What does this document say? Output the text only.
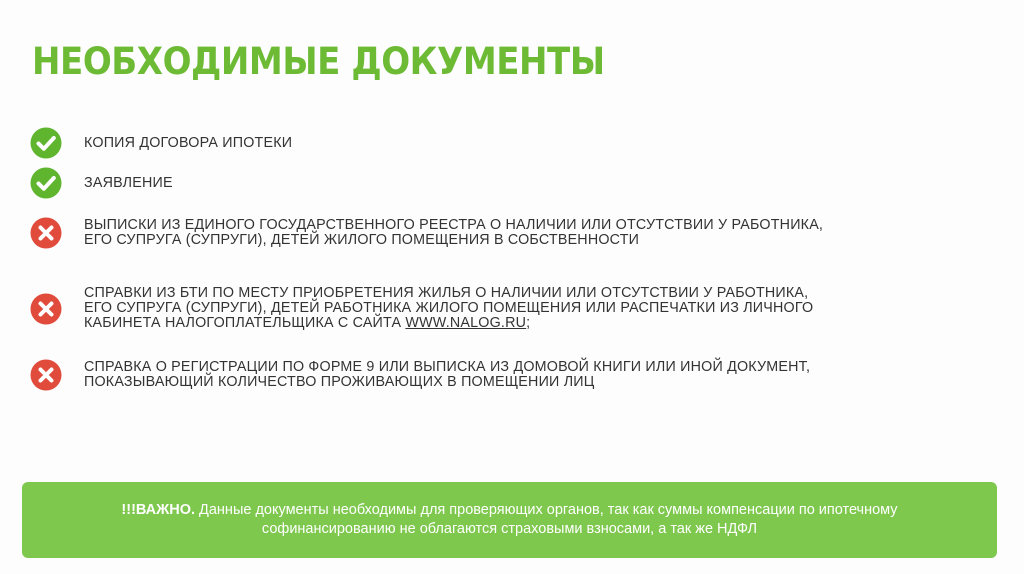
НЕОБХОДИМЫЕ ДОКУМЕНТЫ
КОПИЯ ДОГОВОРА ИПОТЕКИ
ЗАЯВЛЕНИЕ
ВЫПИСКИ ИЗ ЕДИНОГО ГОСУДАРСТВЕННОГО РЕЕСТРА О НАЛИЧИИ ИЛИ ОТСУТСТВИИ У РАБОТНИКА,
ЕГО СУПРУГА (СУПРУГИ), ДЕТЕЙ ЖИЛОГО ПОМЕЩЕНИЯ В СОБСТВЕННОСТИ
СПРАВКИ ИЗ БТИ ПО МЕСТУ ПРИОБРЕТЕНИЯ ЖИЛЬЯ О НАЛИЧИИ ИЛИ ОТСУТСТВИИ У РАБОТНИКА,
ЕГО СУПРУГА (СУПРУГИ), ДЕТЕЙ РАБОТНИКА ЖИЛОГО ПОМЕЩЕНИЯ ИЛИ РАСПЕЧАТКИ ИЗ ЛИЧНОГО
КАБИНЕТА НАЛОГОПЛАТЕЛЬЩИКА С САЙТА WWW.NALOG.RU;
СПРАВКА О РЕГИСТРАЦИИ ПО ФОРМЕ 9 ИЛИ ВЫПИСКА ИЗ ДОМОВОЙ КНИГИ ИЛИ ИНОЙ ДОКУМЕНТ,
ПОКАЗЫВАЮЩИЙ КОЛИЧЕСТВО ПРОЖИВАЮЩИХ В ПОМЕЩЕНИИ ЛИЦ
!!!ВАЖНО. Данные документы необходимы для проверяющих органов, так как суммы компенсации по ипотечному софинансированию не облагаются страховыми взносами, а так же НДФЛ
